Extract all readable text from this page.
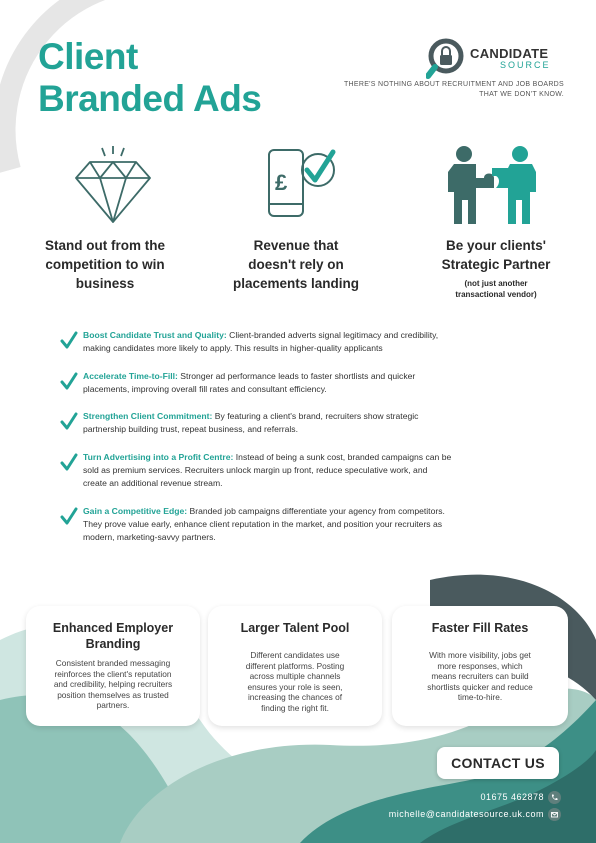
Client
Branded Ads
CANDIDATE
SOURCE
THERE'S NOTHING ABOUT RECRUITMENT AND JOB BOARDS
THAT WE DON'T KNOW.
£
Stand out from the
competition to win
business
Revenue that
doesn't rely on
placements landing
Be your clients'
Strategic Partner
(not just another
transactional vendor)
Boost Candidate Trust and Quality: Client-branded adverts signal legitimacy and credibility,
making candidates more likely to apply. This results in higher-quality applicants
Accelerate Time-to-Fill: Stronger ad performance leads to faster shortlists and quicker
placements, improving overall fill rates and consultant efficiency.
Strengthen Client Commitment: By featuring a client's brand, recruiters show strategic
partnership building trust, repeat business, and referrals.
Turn Advertising into a Profit Centre: Instead of being a sunk cost, branded campaigns can be
sold as premium services. Recruiters unlock margin up front, reduce speculative work, and
create an additional revenue stream.
Gain a Competitive Edge: Branded job campaigns differentiate your agency from competitors.
They prove value early, enhance client reputation in the market, and position your recruiters as
modern, marketing-savvy partners.
Enhanced Employer
Branding
Consistent branded messaging
reinforces the client's reputation
and credibility, helping recruiters
position themselves as trusted
partners.
Larger Talent Pool
Different candidates use
different platforms. Posting
across multiple channels
ensures your role is seen,
increasing the chances of
finding the right fit.
Faster Fill Rates
With more visibility, jobs get
more responses, which
means recruiters can build
shortlists quicker and reduce
time-to-hire.
CONTACT US
01675 462878
michelle@candidatesource.uk.com
